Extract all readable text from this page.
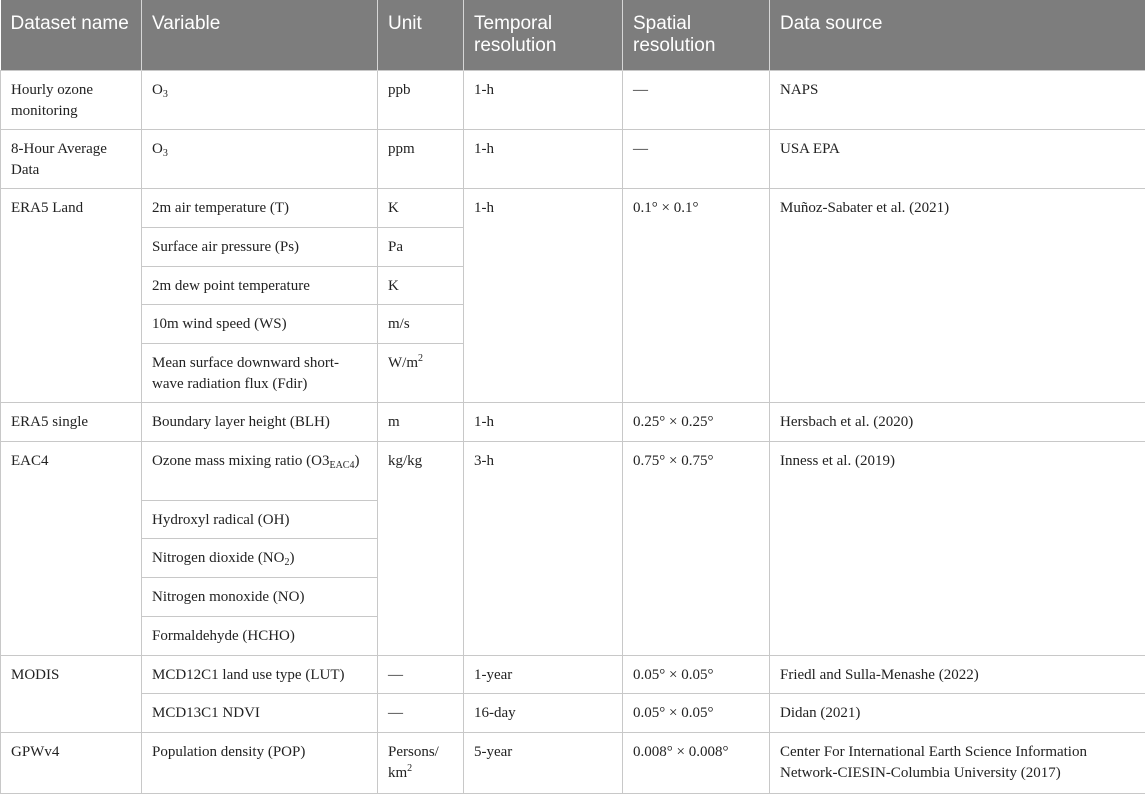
Dataset name	Variable	Unit	Temporal resolution	Spatial resolution	Data source
Hourly ozone monitoring	$O_3$	ppb	1-h	—	NAPS
8-Hour Average Data	$O_3$	ppm	1-h	—	USA EPA
ERA5 Land	2m air temperature (T)	K	1-h	0.1° × 0.1°	Muñoz-Sabater et al. (2021)
	Surface air pressure (Ps)	Pa			
	2m dew point temperature	K			
	10m wind speed (WS)	m/s			
	Mean surface downward short-wave radiation flux (Fdir)	$W/m^2$
ERA5 single	Boundary layer height (BLH)	m	1-h	0.25° × 0.25°	Hersbach et al. (2020)
EAC4	Ozone mass mixing ratio $(O3_{EAC4})$	kg/kg	3-h	0.75° × 0.75°	Inness et al. (2019)
	Hydroxyl radical (OH)				
	Nitrogen dioxide $(NO_2)$				
	Nitrogen monoxide (NO)				
	Formaldehyde (HCHO)				
MODIS	MCD12C1 land use type (LUT)	—	1-year	0.05° × 0.05°	Friedl and Sulla-Menashe (2022)
	MCD13C1 NDVI	—	16-day	0.05° × 0.05°	Didan (2021)
GPWv4	Population density (POP)	Persons/ $km^2$	5-year	0.008° × 0.008°	Center For International Earth Science Information Network-CIESIN-Columbia University (2017)
